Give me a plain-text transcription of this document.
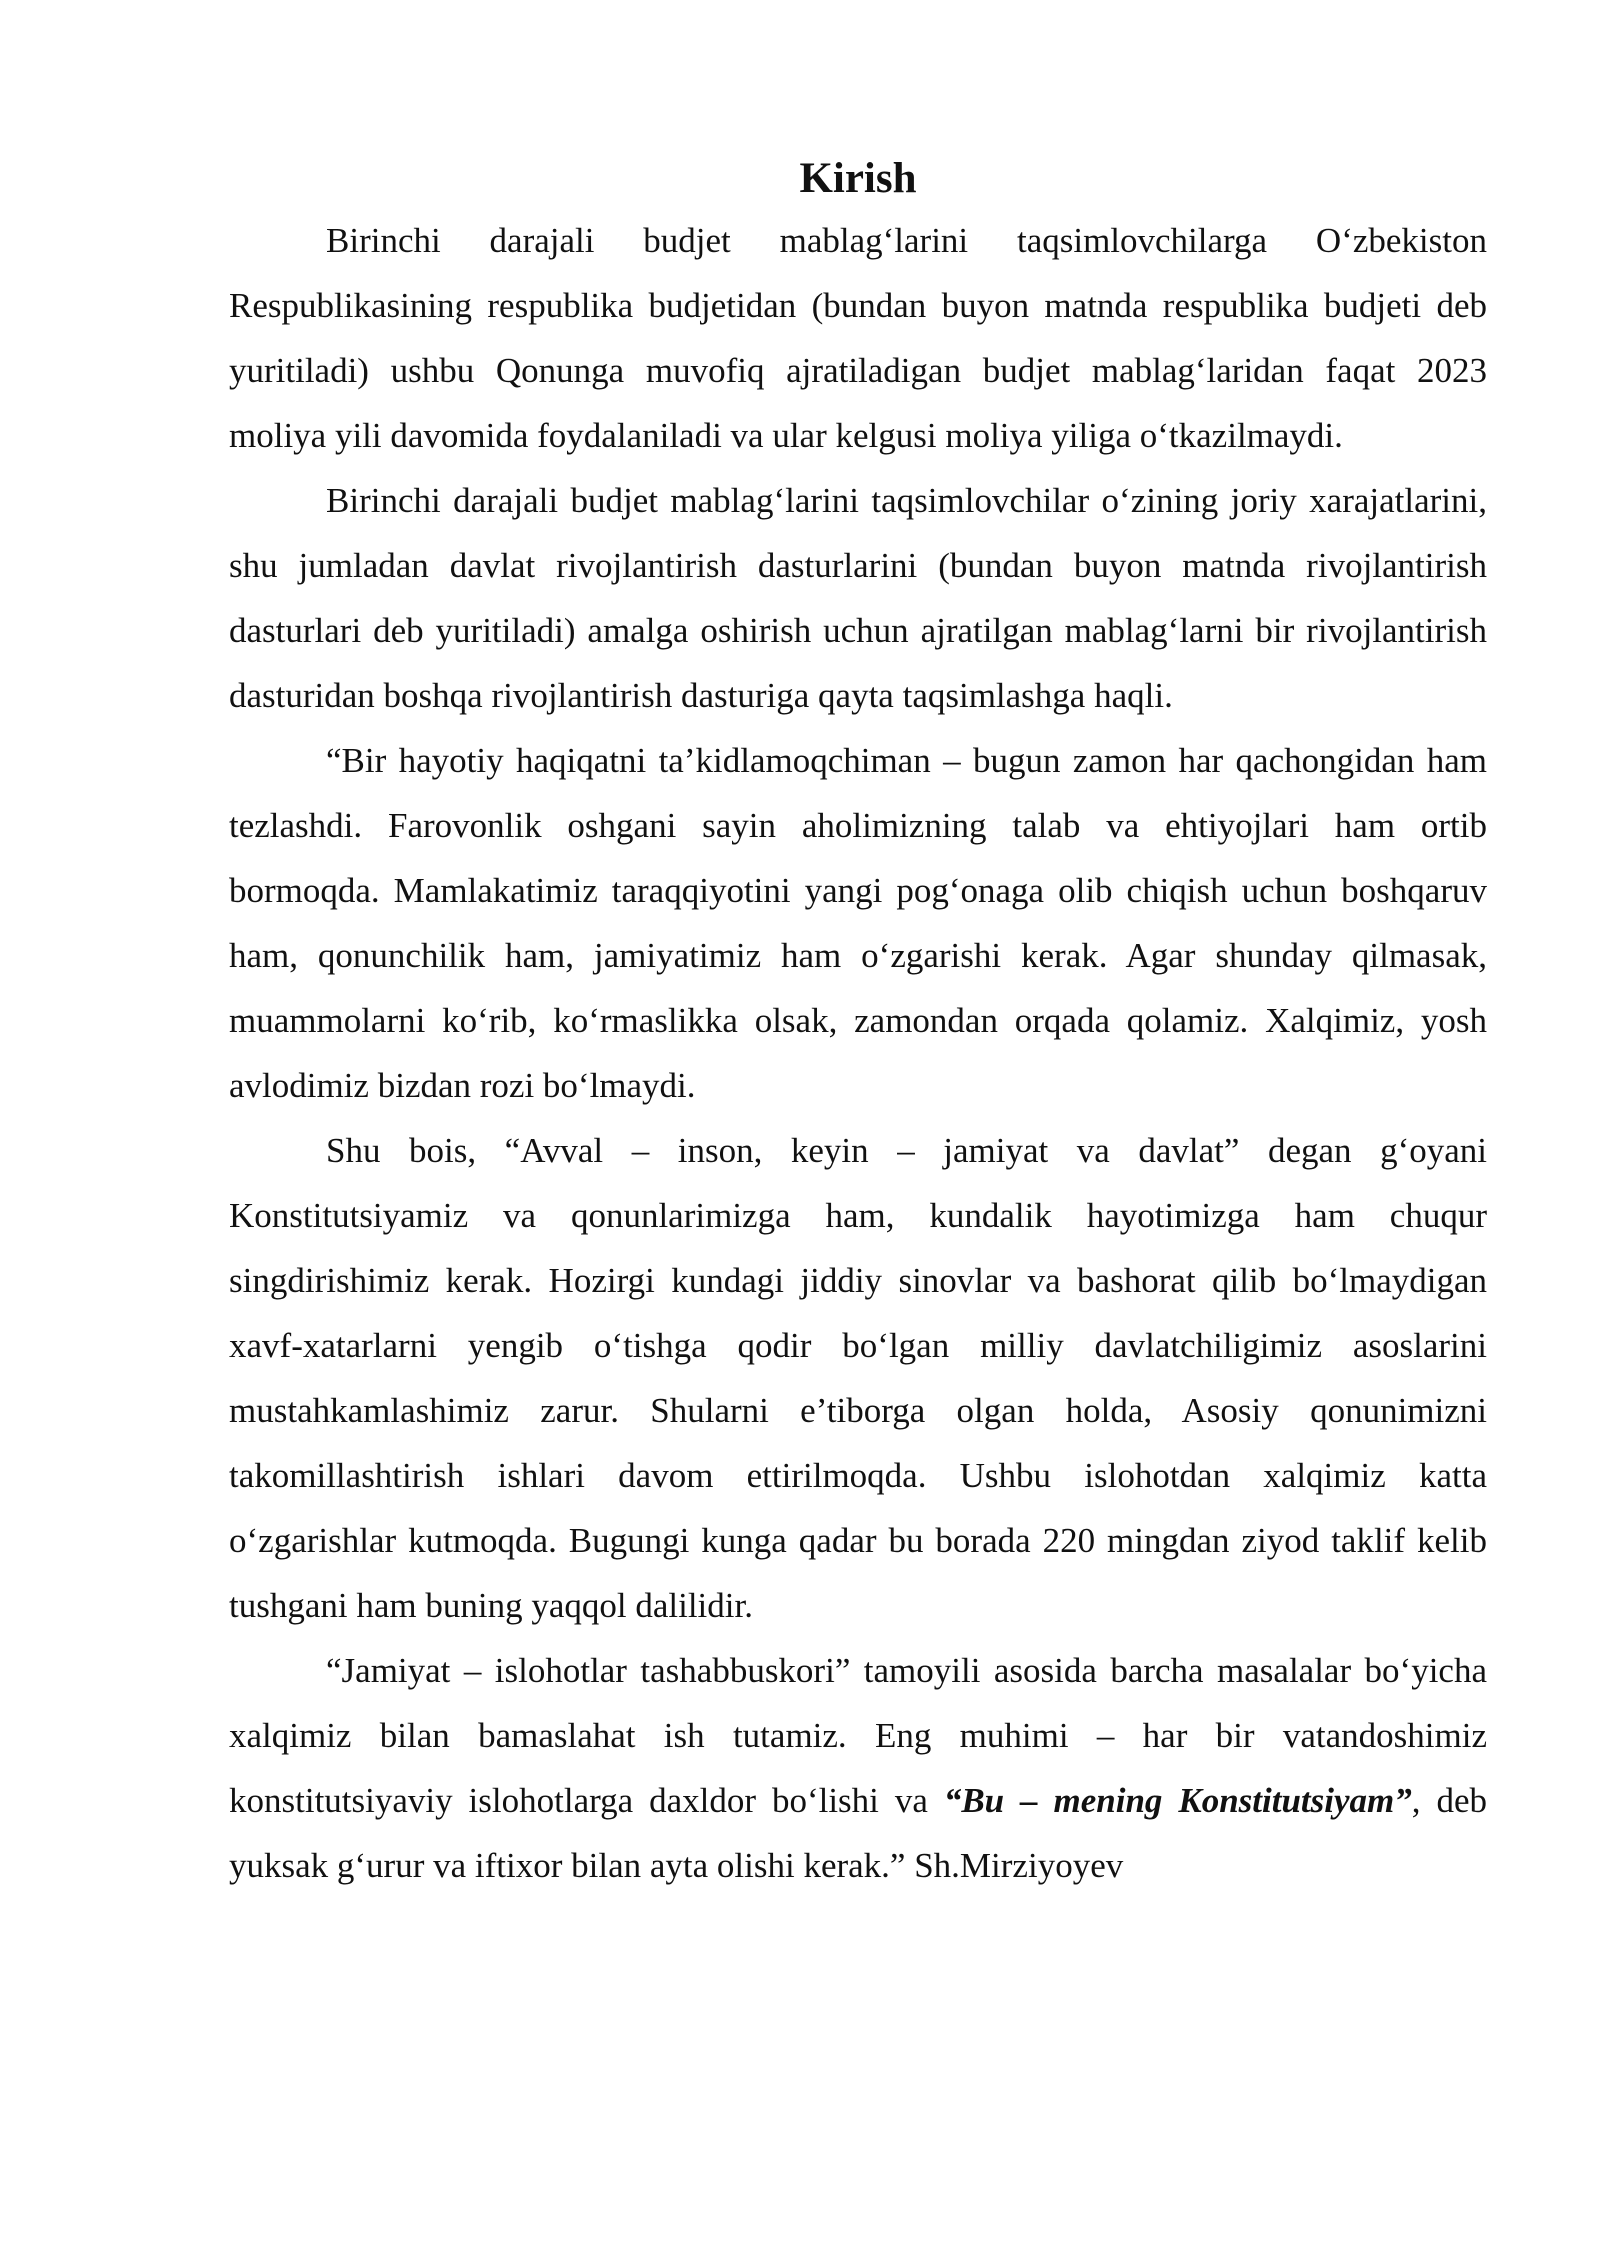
Kirish

Birinchi darajali budjet mablag‘larini taqsimlovchilarga O‘zbekiston Respublikasining respublika budjetidan (bundan buyon matnda respublika budjeti deb yuritiladi) ushbu Qonunga muvofiq ajratiladigan budjet mablag‘laridan faqat 2023 moliya yili davomida foydalaniladi va ular kelgusi moliya yiliga o‘tkazilmaydi.

Birinchi darajali budjet mablag‘larini taqsimlovchilar o‘zining joriy xarajatlarini, shu jumladan davlat rivojlantirish dasturlarini (bundan buyon matnda rivojlantirish dasturlari deb yuritiladi) amalga oshirish uchun ajratilgan mablag‘larni bir rivojlantirish dasturidan boshqa rivojlantirish dasturiga qayta taqsimlashga haqli.

“Bir hayotiy haqiqatni ta’kidlamoqchiman – bugun zamon har qachongidan ham tezlashdi. Farovonlik oshgani sayin aholimizning talab va ehtiyojlari ham ortib bormoqda. Mamlakatimiz taraqqiyotini yangi pog‘onaga olib chiqish uchun boshqaruv ham, qonunchilik ham, jamiyatimiz ham o‘zgarishi kerak. Agar shunday qilmasak, muammolarni ko‘rib, ko‘rmaslikka olsak, zamondan orqada qolamiz. Xalqimiz, yosh avlodimiz bizdan rozi bo‘lmaydi.

Shu bois, “Avval – inson, keyin – jamiyat va davlat” degan g‘oyani Konstitutsiyamiz va qonunlarimizga ham, kundalik hayotimizga ham chuqur singdirishimiz kerak. Hozirgi kundagi jiddiy sinovlar va bashorat qilib bo‘lmaydigan xavf-xatarlarni yengib o‘tishga qodir bo‘lgan milliy davlatchiligimiz asoslarini mustahkamlashimiz zarur. Shularni e’tiborga olgan holda, Asosiy qonunimizni takomillashtirish ishlari davom ettirilmoqda. Ushbu islohotdan xalqimiz katta o‘zgarishlar kutmoqda. Bugungi kunga qadar bu borada 220 mingdan ziyod taklif kelib tushgani ham buning yaqqol dalilidir.

“Jamiyat – islohotlar tashabbuskori” tamoyili asosida barcha masalalar bo‘yicha xalqimiz bilan bamaslahat ish tutamiz. Eng muhimi – har bir vatandoshimiz konstitutsiyaviy islohotlarga daxldor bo‘lishi va “Bu – mening Konstitutsiyam”, deb yuksak g‘urur va iftixor bilan ayta olishi kerak.” Sh.Mirziyoyev
